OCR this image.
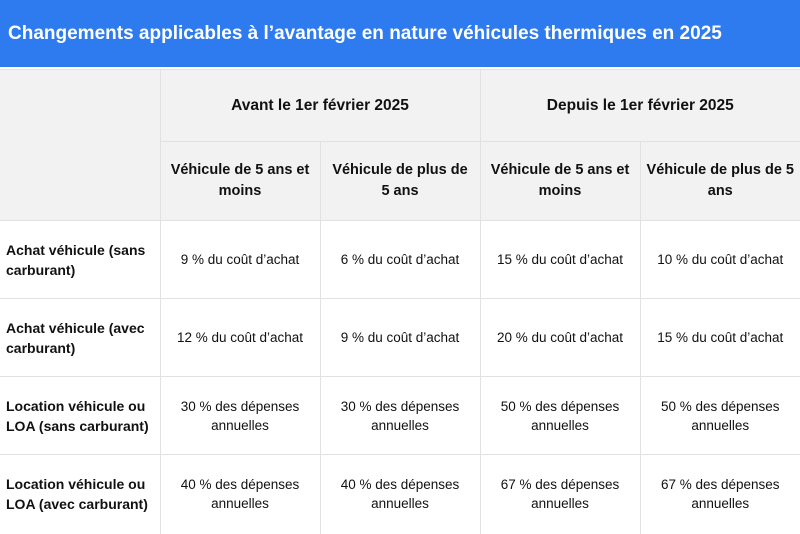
Changements applicables à l’avantage en nature véhicules thermiques en 2025
	Avant le 1er février 2025		Depuis le 1er février 2025	
	Véhicule de 5 ans et moins	Véhicule de plus de 5 ans	Véhicule de 5 ans et moins	Véhicule de plus de 5 ans
Achat véhicule (sans carburant)	9 % du coût d’achat	6 % du coût d’achat	15 % du coût d’achat	10 % du coût d’achat
Achat véhicule (avec carburant)	12 % du coût d’achat	9 % du coût d’achat	20 % du coût d’achat	15 % du coût d’achat
Location véhicule ou LOA (sans carburant)	30 % des dépenses annuelles	30 % des dépenses annuelles	50 % des dépenses annuelles	50 % des dépenses annuelles
Location véhicule ou LOA (avec carburant)	40 % des dépenses annuelles	40 % des dépenses annuelles	67 % des dépenses annuelles	67 % des dépenses annuelles
